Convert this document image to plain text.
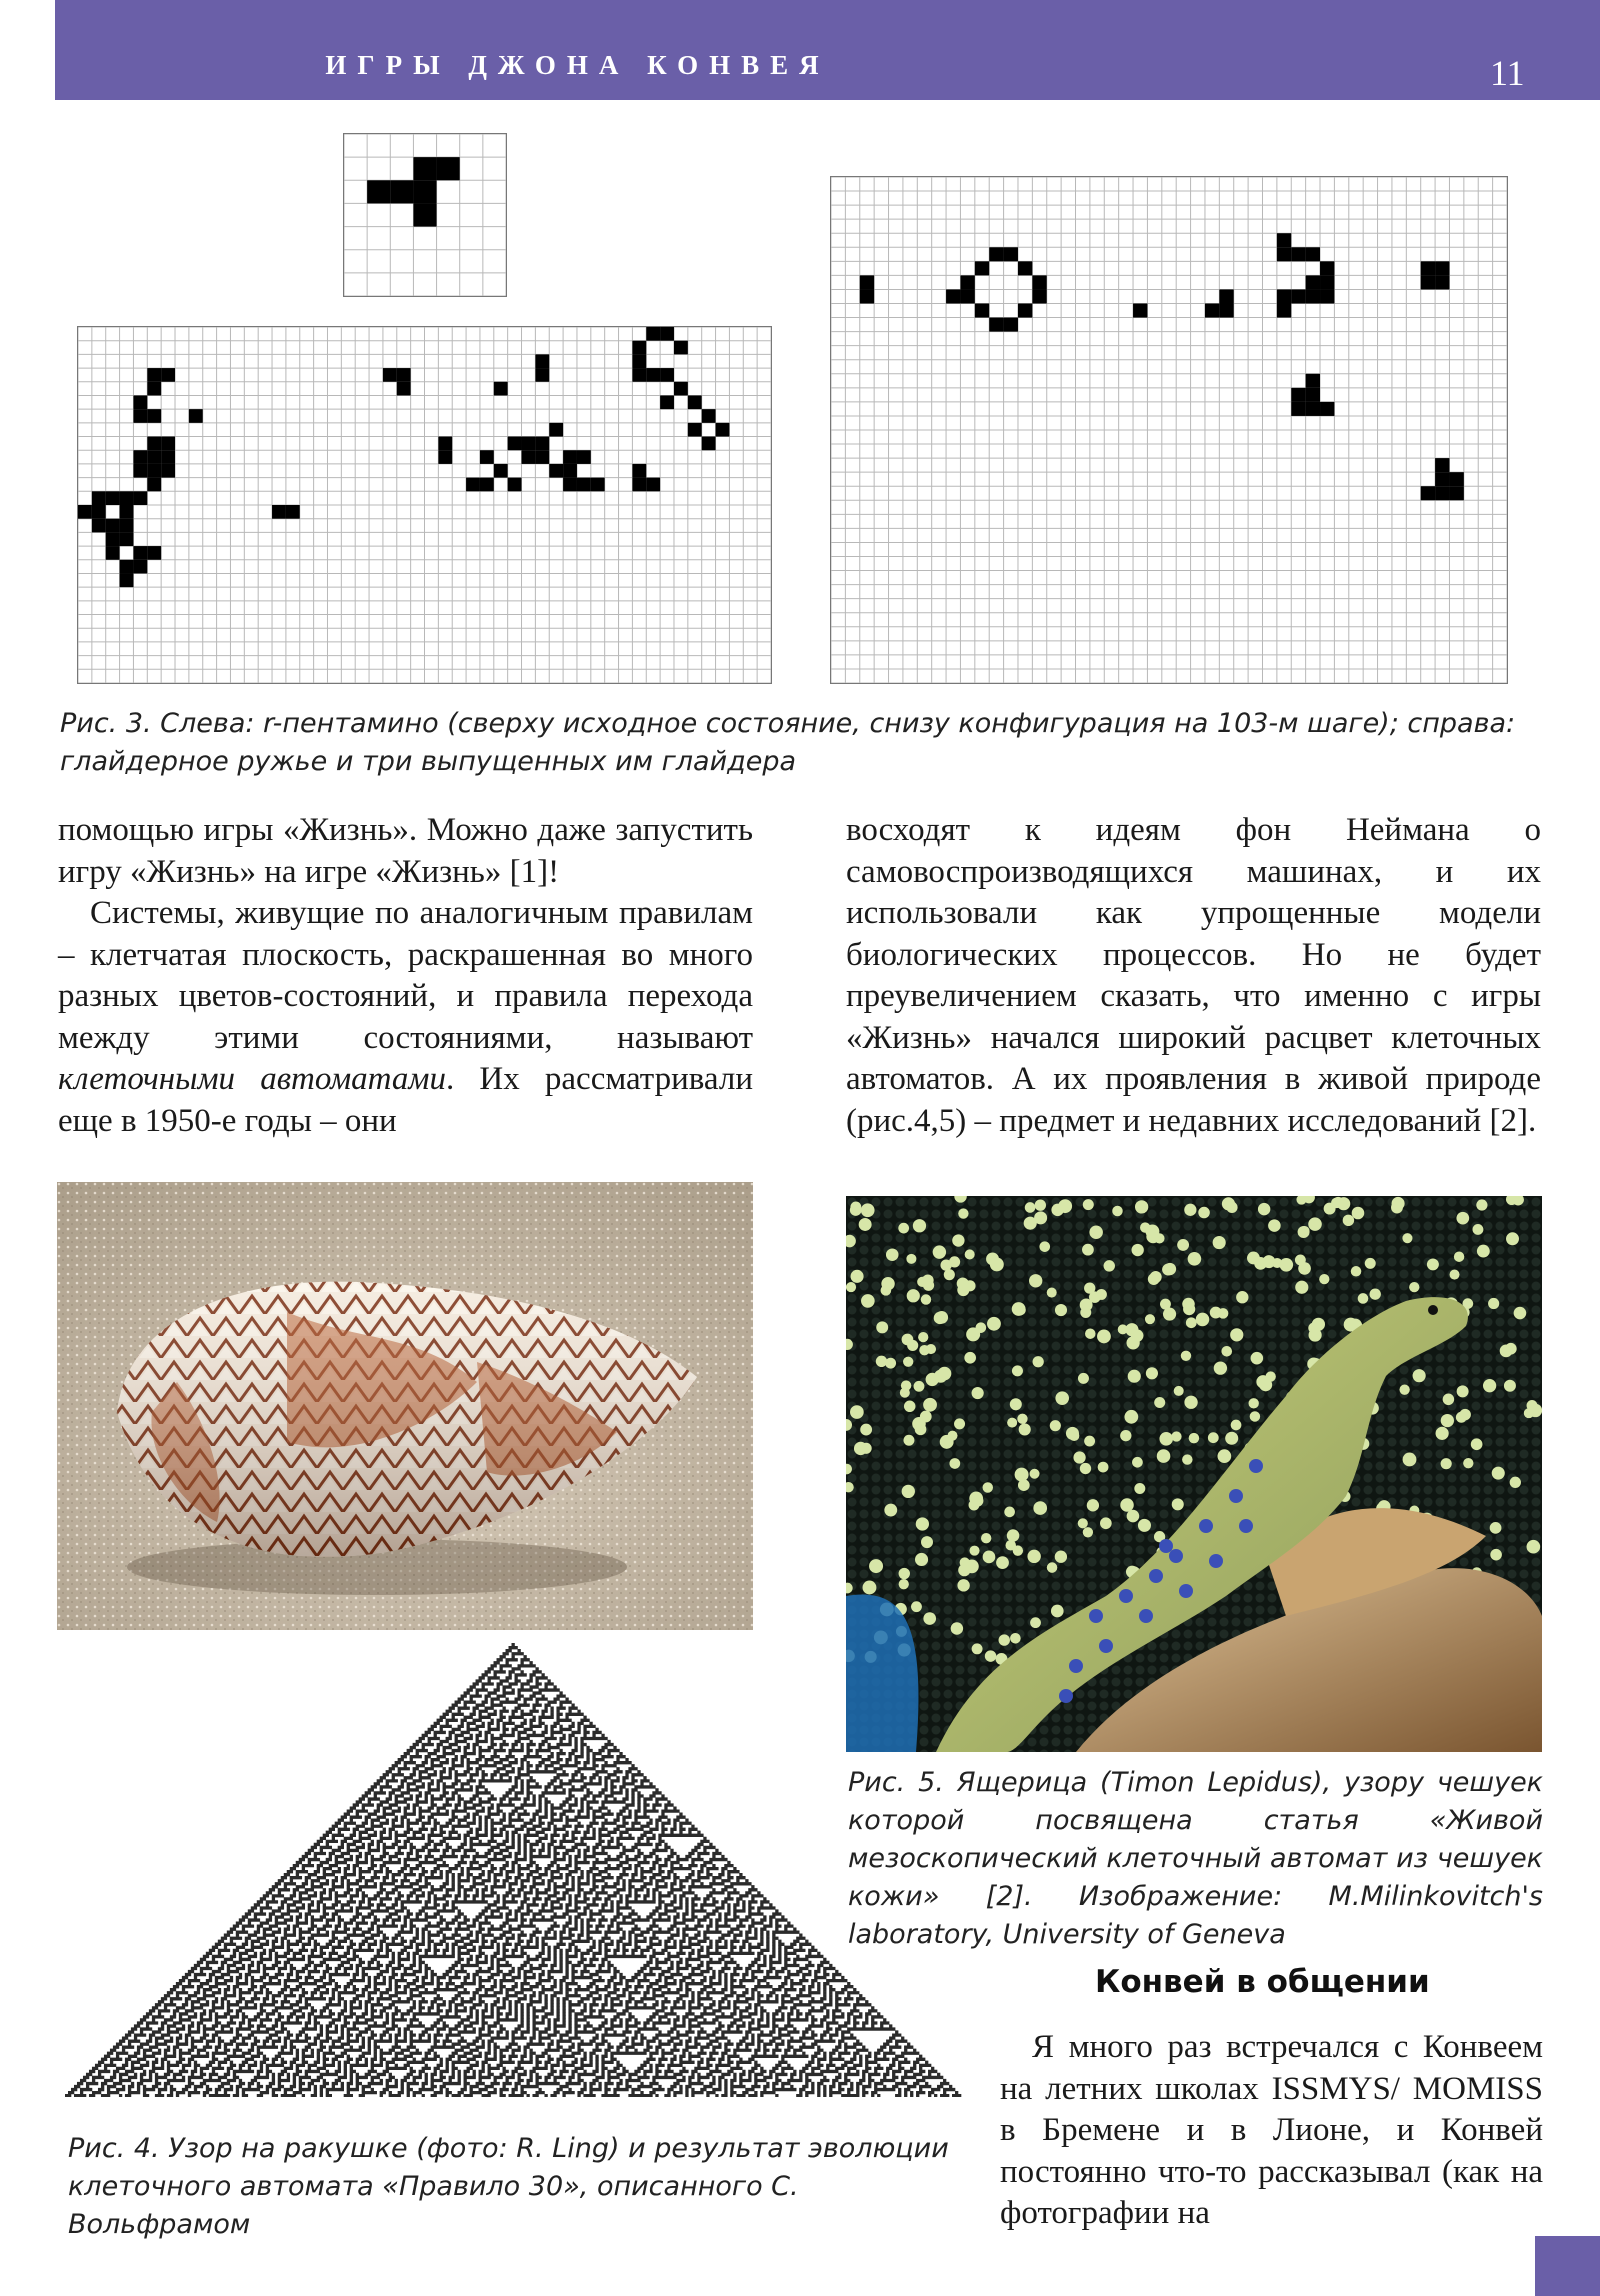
ИГРЫ ДЖОНА КОНВЕЯ	11
Рис. 3. Слева: r-пентамино (сверху исходное состояние, снизу конфигурация на 103-м шаге); справа:
глайдерное ружье и три выпущенных им глайдера

помощью игры «Жизнь». Можно даже запустить игру «Жизнь» на игре «Жизнь» [1]!

Системы, живущие по аналогичным правилам – клетчатая плоскость, раскрашенная во много разных цветов-состояний, и правила перехода между этими состояниями, называют клеточными автоматами. Их рассматривали еще в 1950-е годы – они

восходят к идеям фон Неймана о самовоспроизводящихся машинах, и их использовали как упрощенные модели биологических процессов. Но не будет преувеличением сказать, что именно с игры «Жизнь» начался широкий расцвет клеточных автоматов. А их проявления в живой природе (рис.4,5) – предмет и недавних исследований [2].

Рис. 4. Узор на ракушке (фото: R. Ling) и результат эволюции клеточного автомата «Правило 30», описанного С. Вольфрамом
Рис. 5. Ящерица (Timon Lepidus), узору чешуек которой посвящена статья «Живой мезоскопический клеточный автомат из чешуек кожи» [2]. Изображение: M.Milinkovitch's laboratory, University of Geneva
Конвей в общении

Я много раз встречался с Конвеем на летних школах ISSMYS/ MOMISS в Бремене и в Лионе, и Конвей постоянно что-то рассказывал (как на фотографии на
